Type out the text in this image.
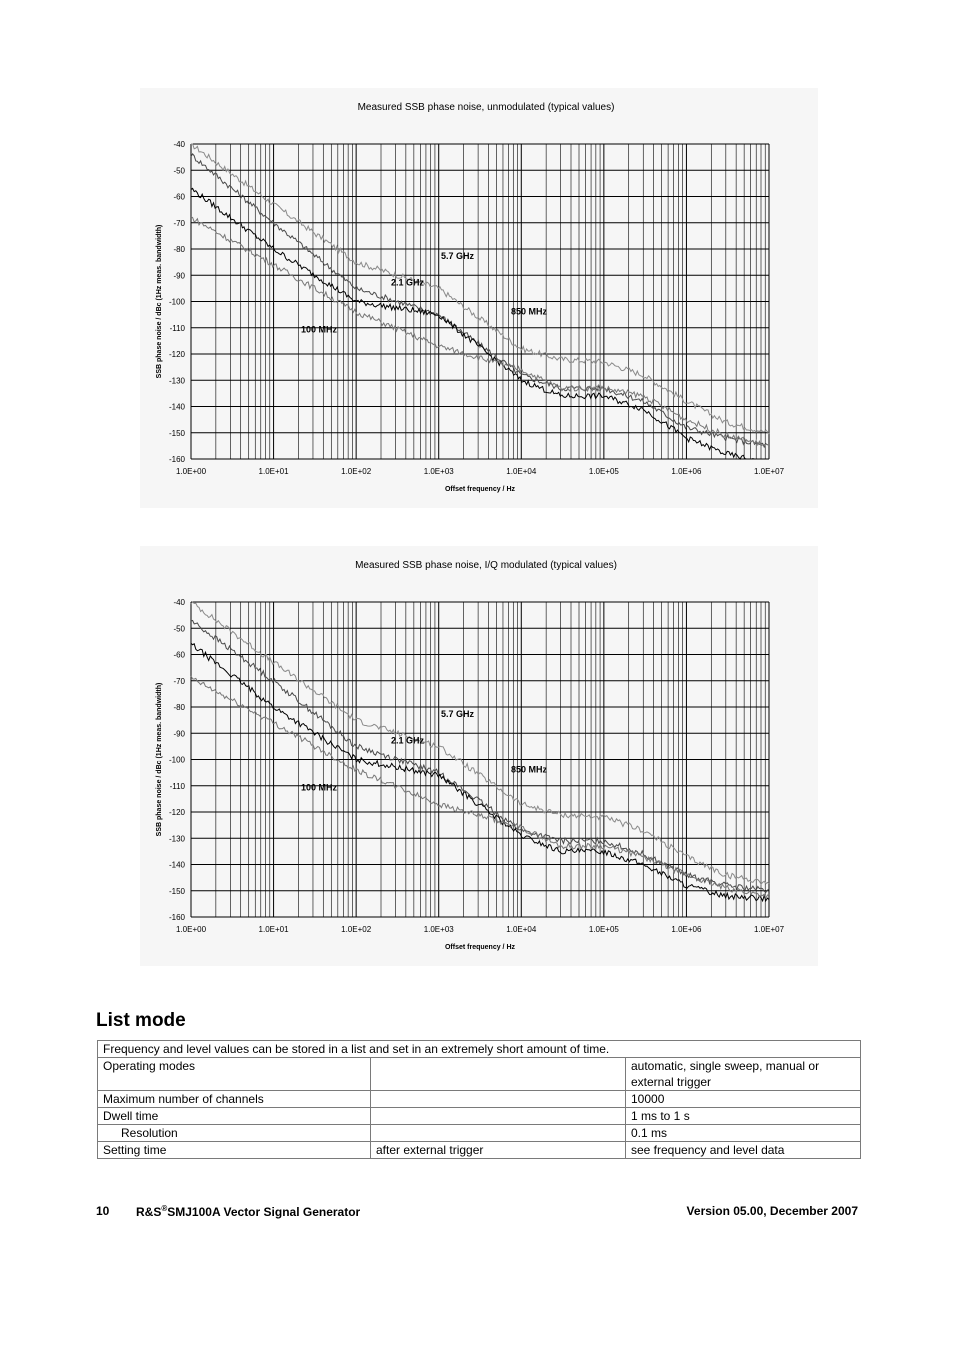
Measured SSB phase noise, unmodulated (typical values)
-40
-50
-60
-70
-80
-90
-100
-110
-120
-130
-140
-150
-160
1.0E+00	1.0E+01	1.0E+02	1.0E+03	1.0E+04	1.0E+05	1.0E+06	1.0E+07
Offset frequency / Hz
SSB phase noise / dBc (1Hz meas. bandwidth)	5.7 GHz
2.1 GHz
850 MHz
100 MHz
Measured SSB phase noise, I/Q modulated (typical values)
-40
-50
-60
-70
-80
-90
-100
-110
-120
-130
-140
-150
-160
1.0E+00	1.0E+01	1.0E+02	1.0E+03	1.0E+04	1.0E+05	1.0E+06	1.0E+07
Offset frequency / Hz
SSB phase noise / dBc (1Hz meas. bandwidth)	5.7 GHz
2.1 GHz
850 MHz
100 MHz
List mode
Frequency and level values can be stored in a list and set in an extremely short amount of time.		
Operating modes		automatic, single sweep, manual or external trigger
Maximum number of channels		10000
Dwell time		1 ms to 1 s
Resolution		0.1 ms
Setting time	after external trigger	see frequency and level data
10 R&S®SMJ100A Vector Signal Generator	Version 05.00, December 2007
